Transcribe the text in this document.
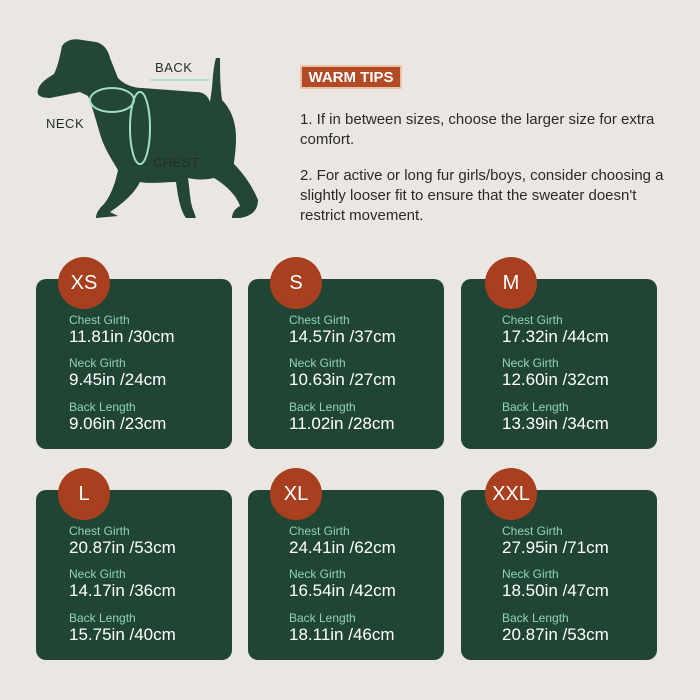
BACK
NECK
CHEST
WARM TIPS
1. If in between sizes, choose the larger size for extra comfort.
2. For active or long fur girls/boys, consider choosing a slightly looser fit to ensure that the sweater doesn't restrict movement.
XS
Chest Girth
11.81in /30cm
Neck Girth
9.45in /24cm
Back Length
9.06in /23cm
S
Chest Girth
14.57in /37cm
Neck Girth
10.63in /27cm
Back Length
11.02in /28cm
M
Chest Girth
17.32in /44cm
Neck Girth
12.60in /32cm
Back Length
13.39in /34cm
L
Chest Girth
20.87in /53cm
Neck Girth
14.17in /36cm
Back Length
15.75in /40cm
XL
Chest Girth
24.41in /62cm
Neck Girth
16.54in /42cm
Back Length
18.11in /46cm
XXL
Chest Girth
27.95in /71cm
Neck Girth
18.50in /47cm
Back Length
20.87in /53cm
